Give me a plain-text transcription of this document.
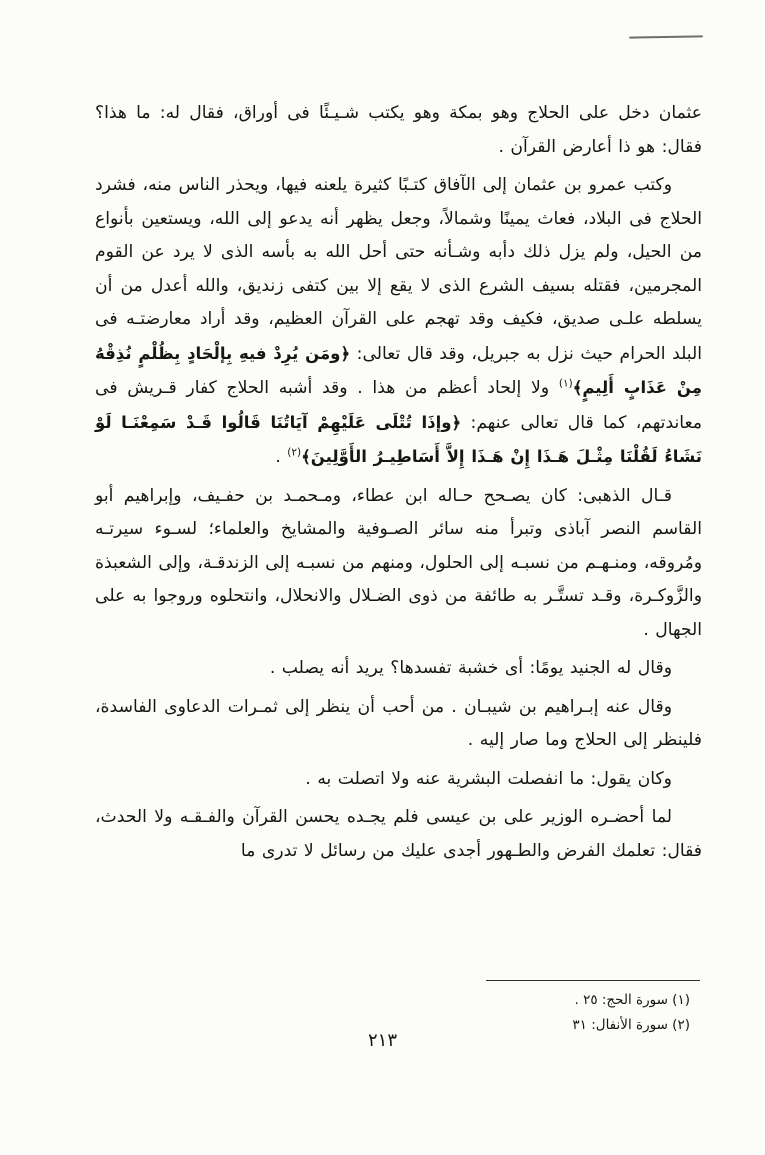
عثمان دخل على الحلاج وهو بمكة وهو يكتب شـيـئًا فى أوراق، فقال له: ما هذا؟ فقال: هو ذا أعارض القرآن .

وكتب عمرو بن عثمان إلى الآفاق كتـبًا كثيرة يلعنه فيها، ويحذر الناس منه، فشرد الحلاج فى البلاد، فعاث يمينًا وشمالاً، وجعل يظهر أنه يدعو إلى الله، ويستعين بأنواع من الحيل، ولم يزل ذلك دأبه وشـأنه حتى أحل الله به بأسه الذى لا يرد عن القوم المجرمين، فقتله بسيف الشرع الذى لا يقع إلا بين كتفى زنديق، والله أعدل من أن يسلطه علـى صديق، فكيف وقد تهجم على القرآن العظيم، وقد أراد معارضتـه فى البلد الحرام حيث نزل به جبريل، وقد قال تعالى: ﴿ومَن يُرِدْ فيهِ بِإلْحَادٍ بِظُلْمٍ نُذِقْهُ مِنْ عَذَابٍ أَلِيمٍ﴾$^{(١)}$ ولا إلحاد أعظم من هذا . وقد أشبه الحلاج كفار قـريش فى معاندتهم، كما قال تعالى عنهم: ﴿وإذَا تُتْلَى عَلَيْهِمْ آيَاتُنَا قَالُوا قَـدْ سَمِعْنَـا لَوْ نَشَاءُ لَقُلْنَا مِثْـلَ هَـذَا إِنْ هَـذَا إِلاَّ أَسَاطِيـرُ الأَوَّلِينَ﴾$^{(٢)}$ .

قـال الذهبى: كان يصـحح حـاله ابن عطاء، ومـحمـد بن حفـيف، وإبراهيم أبو القاسم النصر آباذى وتبرأ منه سائر الصـوفية والمشايخ والعلماء؛ لسـوء سيرتـه ومُروقه، ومنـهـم من نسبـه إلى الحلول، ومنهم من نسبـه إلى الزندقـة، وإلى الشعبذة والزَّوكـرة، وقـد تستَّـر به طائفة من ذوى الضـلال والانحلال، وانتحلوه وروجوا به على الجهال .

وقال له الجنيد يومًا: أى خشبة تفسدها؟ يريد أنه يصلب .

وقال عنه إبـراهيم بن شيبـان . من أحب أن ينظر إلى ثمـرات الدعاوى الفاسدة، فلينظر إلى الحلاج وما صار إليه .

وكان يقول: ما انفصلت البشرية عنه ولا اتصلت به .

لما أحضـره الوزير على بن عيسى فلم يجـده يحسن القرآن والفـقـه ولا الحدث، فقال: تعلمك الفرض والطـهور أجدى عليك من رسائل لا تدرى ما

(١) سورة الحج: ٢٥ .

(٢) سورة الأنفال: ٣١

٢١٣
